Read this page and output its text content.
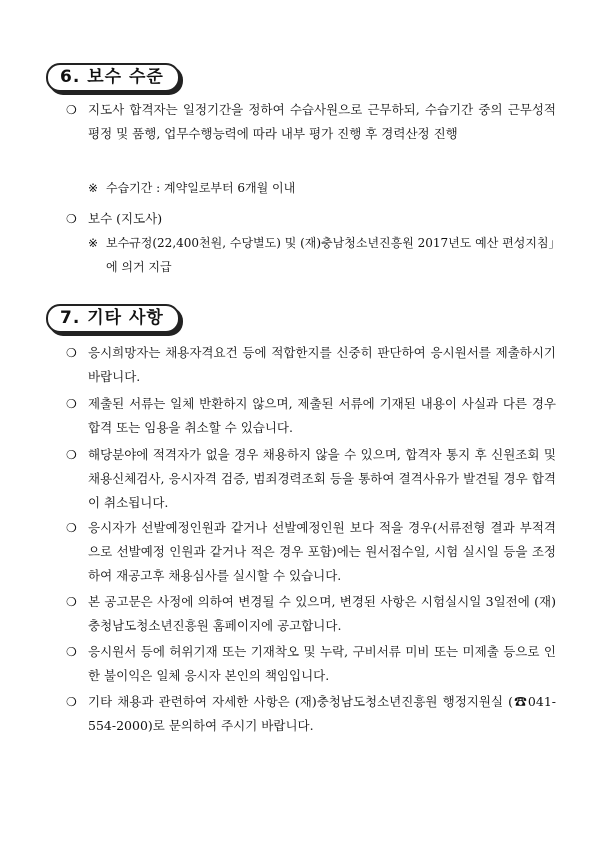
6. 보수 수준
❍ 지도사 합격자는 일정기간을 정하여 수습사원으로 근무하되, 수습기간 중의 근무성적 평정 및 품행, 업무수행능력에 따라 내부 평가 진행 후 경력산정 진행
※ 수습기간 : 계약일로부터 6개월 이내
❍ 보수 (지도사)
※ 보수규정(22,400천원, 수당별도) 및 (재)충남청소년진흥원 2017년도 예산 편성지침」에 의거 지급
7. 기타 사항
❍ 응시희망자는 채용자격요건 등에 적합한지를 신중히 판단하여 응시원서를 제출하시기 바랍니다.
❍ 제출된 서류는 일체 반환하지 않으며, 제출된 서류에 기재된 내용이 사실과 다른 경우 합격 또는 임용을 취소할 수 있습니다.
❍ 해당분야에 적격자가 없을 경우 채용하지 않을 수 있으며, 합격자 통지 후 신원조회 및 채용신체검사, 응시자격 검증, 범죄경력조회 등을 통하여 결격사유가 발견될 경우 합격이 취소됩니다.
❍ 응시자가 선발예정인원과 같거나 선발예정인원 보다 적을 경우(서류전형 결과 부적격으로 선발예정 인원과 같거나 적은 경우 포함)에는 원서접수일, 시험 실시일 등을 조정하여 재공고후 채용심사를 실시할 수 있습니다.
❍ 본 공고문은 사정에 의하여 변경될 수 있으며, 변경된 사항은 시험실시일 3일전에 (재)충청남도청소년진흥원 홈페이지에 공고합니다.
❍ 응시원서 등에 허위기재 또는 기재착오 및 누락, 구비서류 미비 또는 미제출 등으로 인한 불이익은 일체 응시자 본인의 책임입니다.
❍ 기타 채용과 관련하여 자세한 사항은 (재)충청남도청소년진흥원 행정지원실 (☎041-554-2000)로 문의하여 주시기 바랍니다.
